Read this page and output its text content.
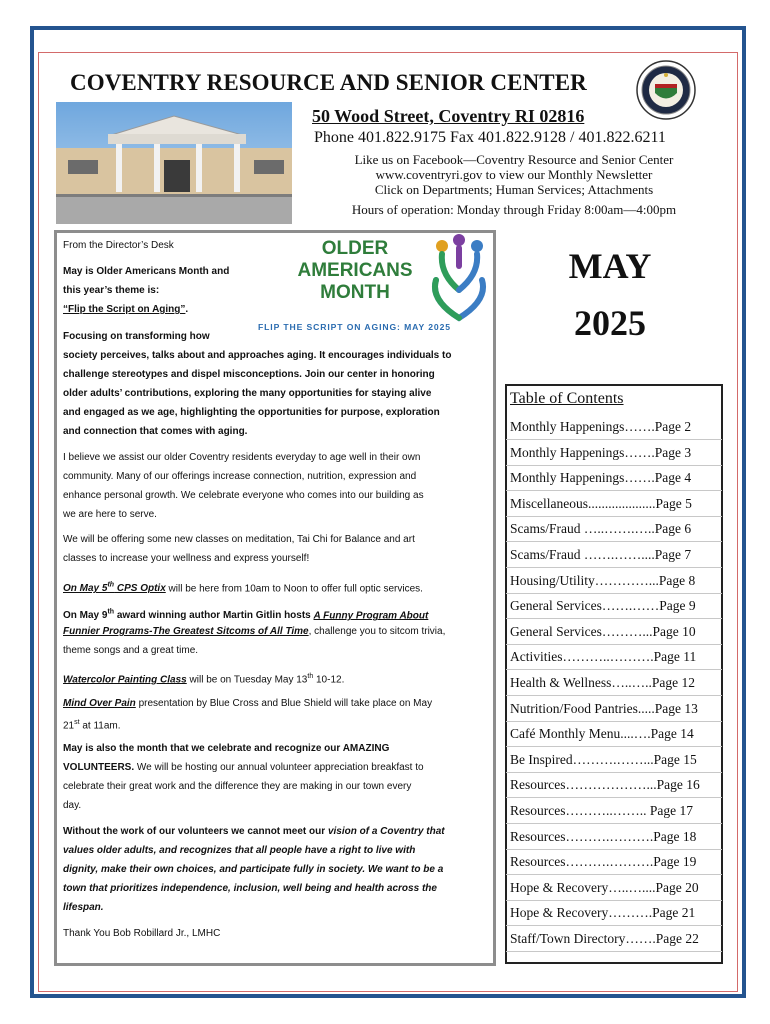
COVENTRY RESOURCE AND SENIOR CENTER
50 Wood Street, Coventry RI 02816
Phone 401.822.9175 Fax 401.822.9128 / 401.822.6211
Like us on Facebook—Coventry Resource and Senior Center
www.coventryri.gov to view our Monthly Newsletter
Click on Departments; Human Services; Attachments
Hours of operation: Monday through Friday 8:00am—4:00pm
OLDER
AMERICANS
MONTH
FLIP THE SCRIPT ON AGING: MAY 2025
From the Director’s Desk
May is Older Americans Month and
this year’s theme is:
“Flip the Script on Aging”.
Focusing on transforming how
society perceives, talks about and approaches aging. It encourages individuals to
challenge stereotypes and dispel misconceptions. Join our center in honoring
older adults’ contributions, exploring the many opportunities for staying alive
and engaged as we age, highlighting the opportunities for purpose, exploration
and connection that comes with aging.
I believe we assist our older Coventry residents everyday to age well in their own
community. Many of our offerings increase connection, nutrition, expression and
enhance personal growth. We celebrate everyone who comes into our building as
we are here to serve.
We will be offering some new classes on meditation, Tai Chi for Balance and art
classes to increase your wellness and express yourself!
On May 5th CPS Optix will be here from 10am to Noon to offer full optic services.
On May 9th award winning author Martin Gitlin hosts A Funny Program About
Funnier Programs-The Greatest Sitcoms of All Time, challenge you to sitcom trivia,
theme songs and a great time.
Watercolor Painting Class will be on Tuesday May 13th 10-12.
Mind Over Pain presentation by Blue Cross and Blue Shield will take place on May
21st at 11am.
May is also the month that we celebrate and recognize our AMAZING
VOLUNTEERS. We will be hosting our annual volunteer appreciation breakfast to
celebrate their great work and the difference they are making in our town every
day.
Without the work of our volunteers we cannot meet our vision of a Coventry that
values older adults, and recognizes that all people have a right to live with
dignity, make their own choices, and participate fully in society. We want to be a
town that prioritizes independence, inclusion, well being and health across the
lifespan.
Thank You Bob Robillard Jr., LMHC
MAY
2025
Table of Contents
Monthly Happenings…….Page 2
Monthly Happenings…….Page 3
Monthly Happenings…….Page 4
Miscellaneous....................Page 5
Scams/Fraud …..…….…..Page 6
Scams/Fraud …….……....Page 7
Housing/Utility…………...Page 8
General Services…….……Page 9
General Services………...Page 10
Activities………..……….Page 11
Health & Wellness…..…..Page 12
Nutrition/Food Pantries.....Page 13
Café Monthly Menu....….Page 14
Be Inspired……….……...Page 15
Resources………………...Page 16
Resources………..…….. Page 17
Resources……….……….Page 18
Resources……….……….Page 19
Hope & Recovery…..…....Page 20
Hope & Recovery……….Page 21
Staff/Town Directory…….Page 22
